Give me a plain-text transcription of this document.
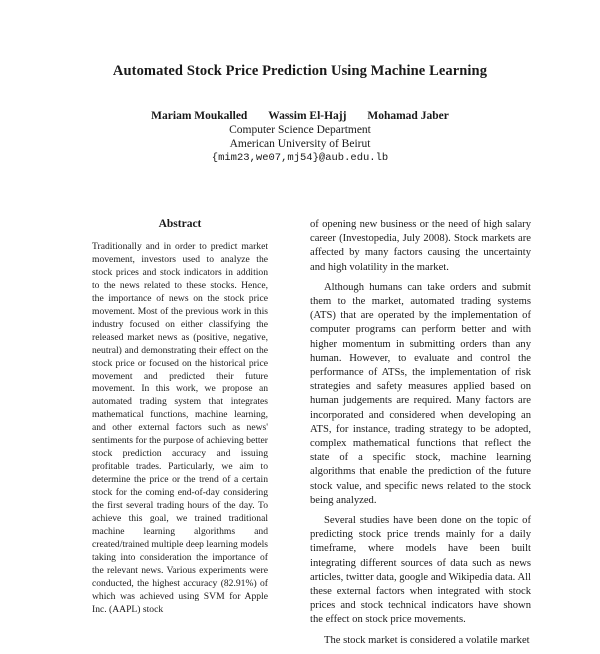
Automated Stock Price Prediction Using Machine Learning
Mariam Moukalled Wassim El-Hajj Mohamad Jaber
Computer Science Department
American University of Beirut
{mim23,we07,mj54}@aub.edu.lb
Abstract
Traditionally and in order to predict market movement, investors used to analyze the stock prices and stock indicators in addition to the news related to these stocks. Hence, the importance of news on the stock price movement. Most of the previous work in this industry focused on either classifying the released market news as (positive, negative, neutral) and demonstrating their effect on the stock price or focused on the historical price movement and predicted their future movement. In this work, we propose an automated trading system that integrates mathematical functions, machine learning, and other external factors such as news' sentiments for the purpose of achieving better stock prediction accuracy and issuing profitable trades. Particularly, we aim to determine the price or the trend of a certain stock for the coming end-of-day considering the first several trading hours of the day. To achieve this goal, we trained traditional machine learning algorithms and created/trained multiple deep learning models taking into consideration the importance of the relevant news. Various experiments were conducted, the highest accuracy (82.91%) of which was achieved using SVM for Apple Inc. (AAPL) stock

of opening new business or the need of high salary career (Investopedia, July 2008). Stock markets are affected by many factors causing the uncertainty and high volatility in the market.

Although humans can take orders and submit them to the market, automated trading systems (ATS) that are operated by the implementation of computer programs can perform better and with higher momentum in submitting orders than any human. However, to evaluate and control the performance of ATSs, the implementation of risk strategies and safety measures applied based on human judgements are required. Many factors are incorporated and considered when developing an ATS, for instance, trading strategy to be adopted, complex mathematical functions that reflect the state of a specific stock, machine learning algorithms that enable the prediction of the future stock value, and specific news related to the stock being analyzed.

Several studies have been done on the topic of predicting stock price trends mainly for a daily timeframe, where models have been built integrating different sources of data such as news articles, twitter data, google and Wikipedia data. All these external factors when integrated with stock prices and stock technical indicators have shown the effect on stock price movements.

The stock market is considered a volatile market
